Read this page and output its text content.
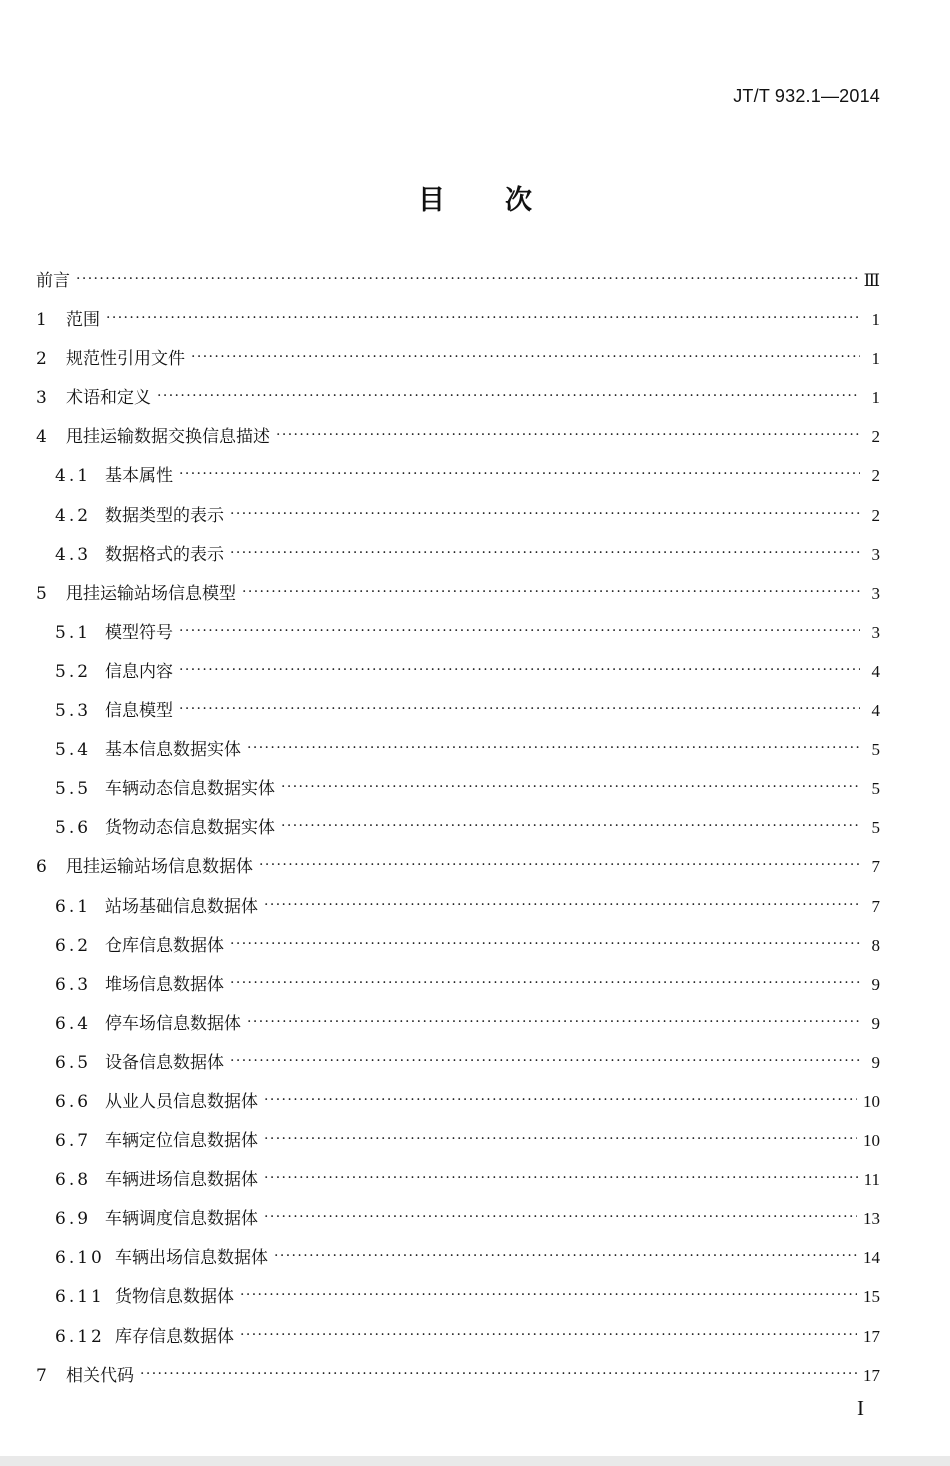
JT/T 932.1—2014
目次
前言 ·····	Ⅲ
1	范围 ·····	1
2	规范性引用文件 ·····	1
3	术语和定义 ·····	1
4	甩挂运输数据交换信息描述 ·····	2
4.1 基本属性 ·····	2
4.2 数据类型的表示 ·····	2
4.3 数据格式的表示 ·····	3
5	甩挂运输站场信息模型 ·····	3
5.1 模型符号 ·····	3
5.2 信息内容 ·····	4
5.3 信息模型 ·····	4
5.4 基本信息数据实体 ·····	5
5.5 车辆动态信息数据实体 ·····	5
5.6 货物动态信息数据实体 ·····	5
6	甩挂运输站场信息数据体 ·····	7
6.1 站场基础信息数据体 ·····	7
6.2 仓库信息数据体 ·····	8
6.3 堆场信息数据体 ·····	9
6.4 停车场信息数据体 ·····	9
6.5 设备信息数据体 ·····	9
6.6 从业人员信息数据体 ·····	10
6.7 车辆定位信息数据体 ·····	10
6.8 车辆进场信息数据体 ·····	11
6.9 车辆调度信息数据体 ·····	13
6.10 车辆出场信息数据体 ·····	14
6.11 货物信息数据体 ·····	15
6.12 库存信息数据体 ·····	17
7	相关代码 ·····	17
I
